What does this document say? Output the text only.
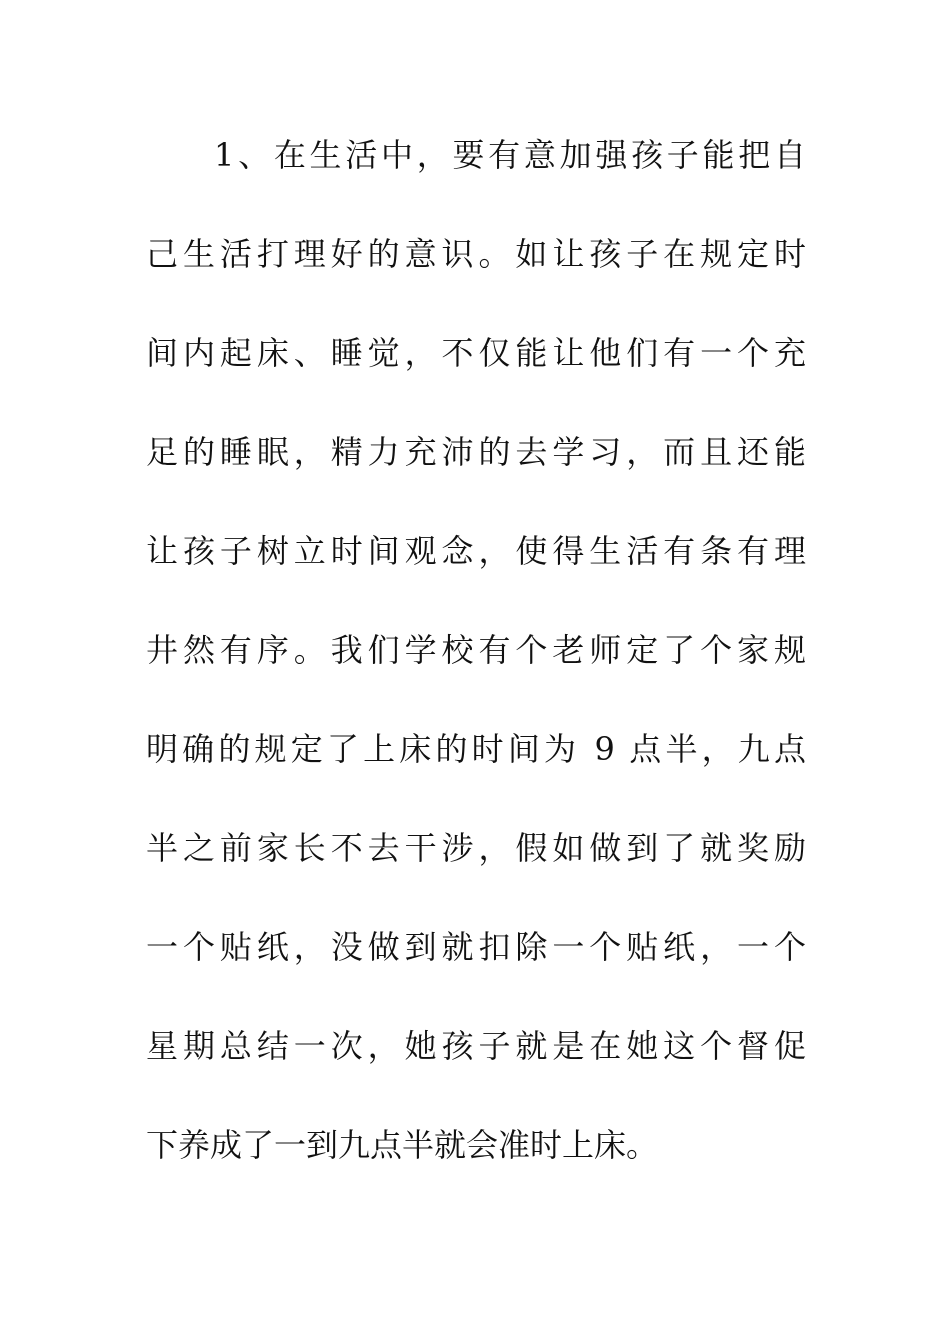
1、在生活中，要有意加强孩子能把自
己生活打理好的意识。如让孩子在规定时
间内起床、睡觉，不仅能让他们有一个充
足的睡眠，精力充沛的去学习，而且还能
让孩子树立时间观念，使得生活有条有理
井然有序。我们学校有个老师定了个家规
明确的规定了上床的时间为 9 点半，九点
半之前家长不去干涉，假如做到了就奖励
一个贴纸，没做到就扣除一个贴纸，一个
星期总结一次，她孩子就是在她这个督促
下养成了一到九点半就会准时上床。
